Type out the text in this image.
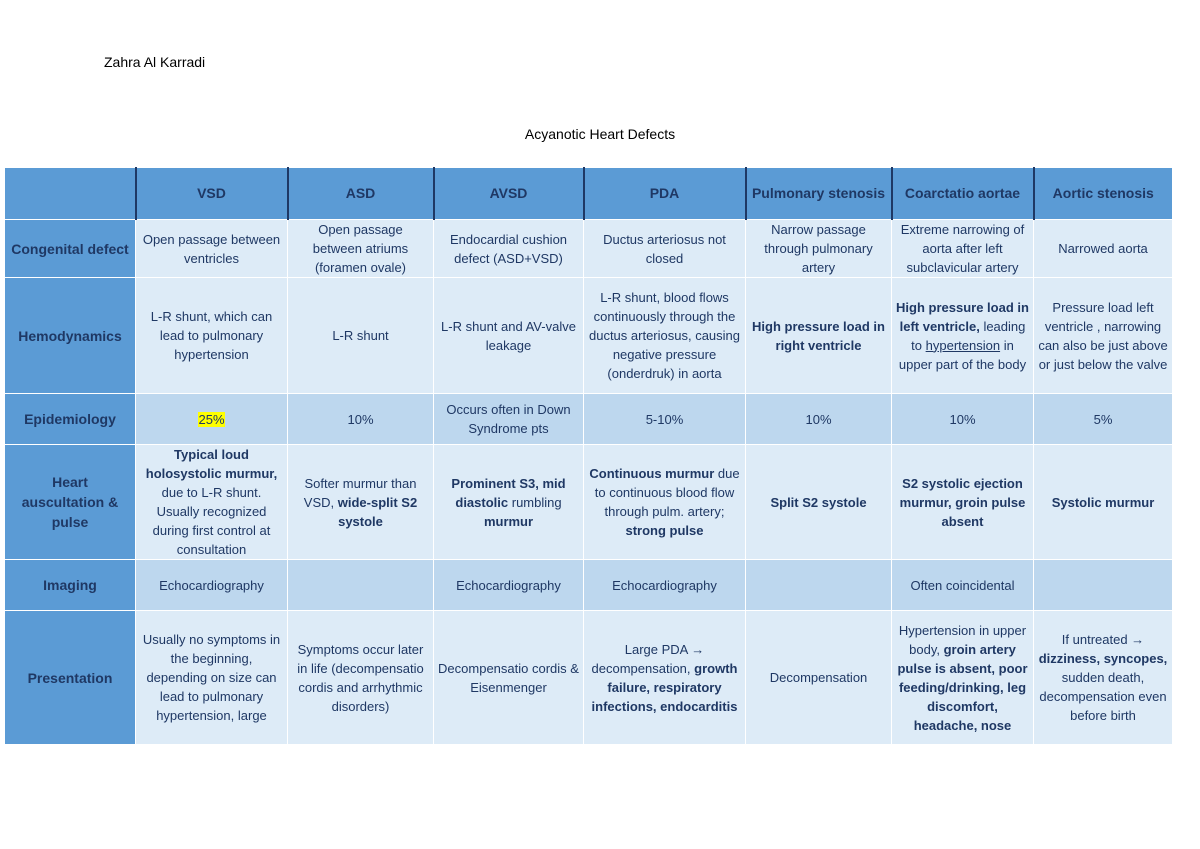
Zahra Al Karradi
Acyanotic Heart Defects
	VSD	ASD	AVSD	PDA	Pulmonary stenosis	Coarctatio aortae	Aortic stenosis
Congenital defect	Open passage between ventricles	Open passage between atriums (foramen ovale)	Endocardial cushion defect (ASD+VSD)	Ductus arteriosus not closed	Narrow passage through pulmonary artery	Extreme narrowing of aorta after left subclavicular artery	Narrowed aorta
Hemodynamics	L-R shunt, which can lead to pulmonary hypertension	L-R shunt	L-R shunt and AV-valve leakage	L-R shunt, blood flows continuously through the ductus arteriosus, causing negative pressure (onderdruk) in aorta	High pressure load in right ventricle	High pressure load in left ventricle, leading to hypertension in upper part of the body	Pressure load left ventricle , narrowing can also be just above or just below the valve
Epidemiology	25%	10%	Occurs often in Down Syndrome pts	5-10%	10%	10%	5%
Heart auscultation & pulse	Typical loud holosystolic murmur, due to L-R shunt. Usually recognized during first control at consultation	Softer murmur than VSD, wide-split S2 systole	Prominent S3, mid diastolic rumbling murmur	Continuous murmur due to continuous blood flow through pulm. artery; strong pulse	Split S2 systole	S2 systolic ejection murmur, groin pulse absent	Systolic murmur
Imaging	Echocardiography		Echocardiography	Echocardiography		Often coincidental	
Presentation	Usually no symptoms in the beginning, depending on size can lead to pulmonary hypertension, large	Symptoms occur later in life (decompensatio cordis and arrhythmic disorders)	Decompensatio cordis & Eisenmenger	Large PDA → decompensation, growth failure, respiratory infections, endocarditis	Decompensation	Hypertension in upper body, groin artery pulse is absent, poor feeding/drinking, leg discomfort, headache, nose	If untreated → dizziness, syncopes, sudden death, decompensation even before birth
